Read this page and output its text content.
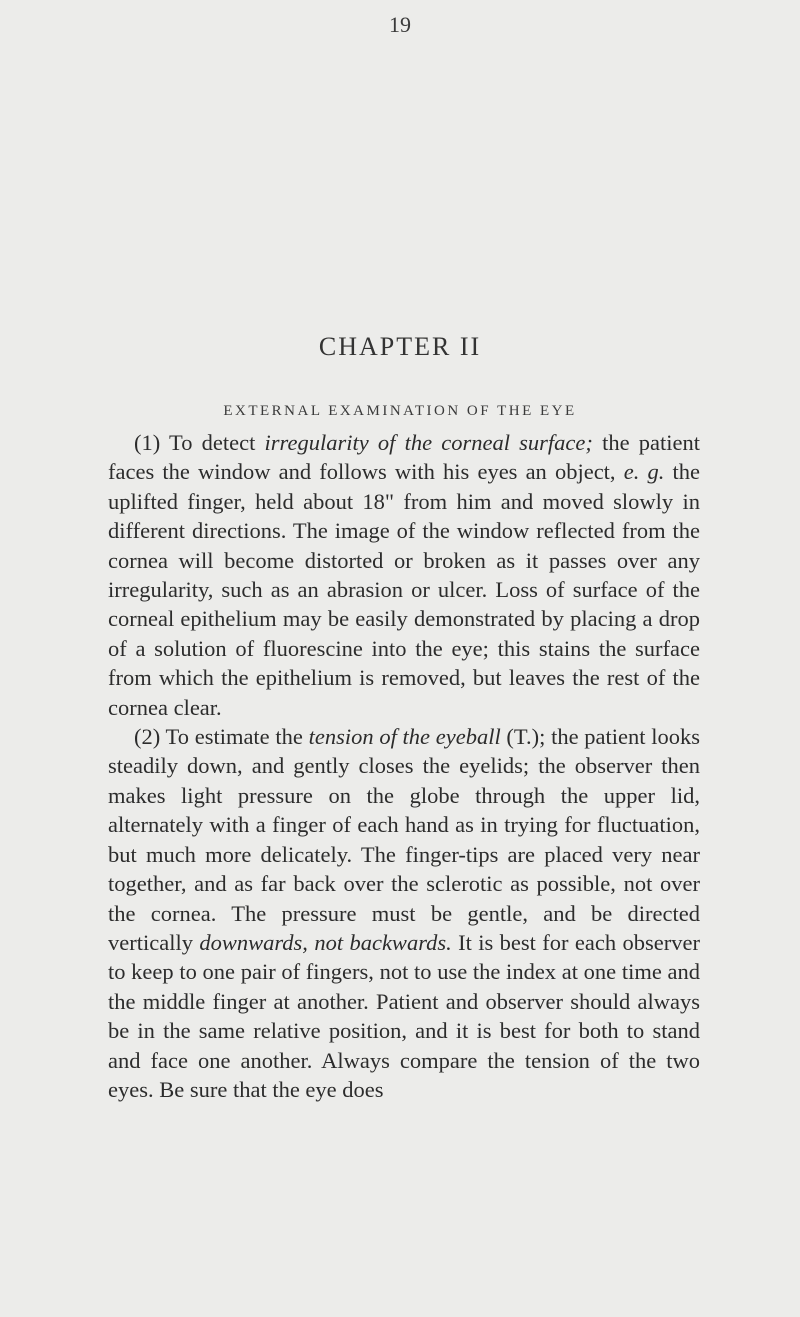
19
CHAPTER II
EXTERNAL EXAMINATION OF THE EYE

(1) To detect irregularity of the corneal surface; the patient faces the window and follows with his eyes an object, e. g. the uplifted finger, held about 18" from him and moved slowly in different directions. The image of the window reflected from the cornea will become distorted or broken as it passes over any irregularity, such as an abrasion or ulcer. Loss of surface of the corneal epithelium may be easily demonstrated by placing a drop of a solution of fluorescine into the eye; this stains the surface from which the epithelium is removed, but leaves the rest of the cornea clear.

(2) To estimate the tension of the eyeball (T.); the patient looks steadily down, and gently closes the eyelids; the observer then makes light pressure on the globe through the upper lid, alternately with a finger of each hand as in trying for fluctuation, but much more delicately. The finger-tips are placed very near together, and as far back over the sclerotic as possible, not over the cornea. The pressure must be gentle, and be directed vertically downwards, not backwards. It is best for each observer to keep to one pair of fingers, not to use the index at one time and the middle finger at another. Patient and observer should always be in the same relative position, and it is best for both to stand and face one another. Always compare the tension of the two eyes. Be sure that the eye does
